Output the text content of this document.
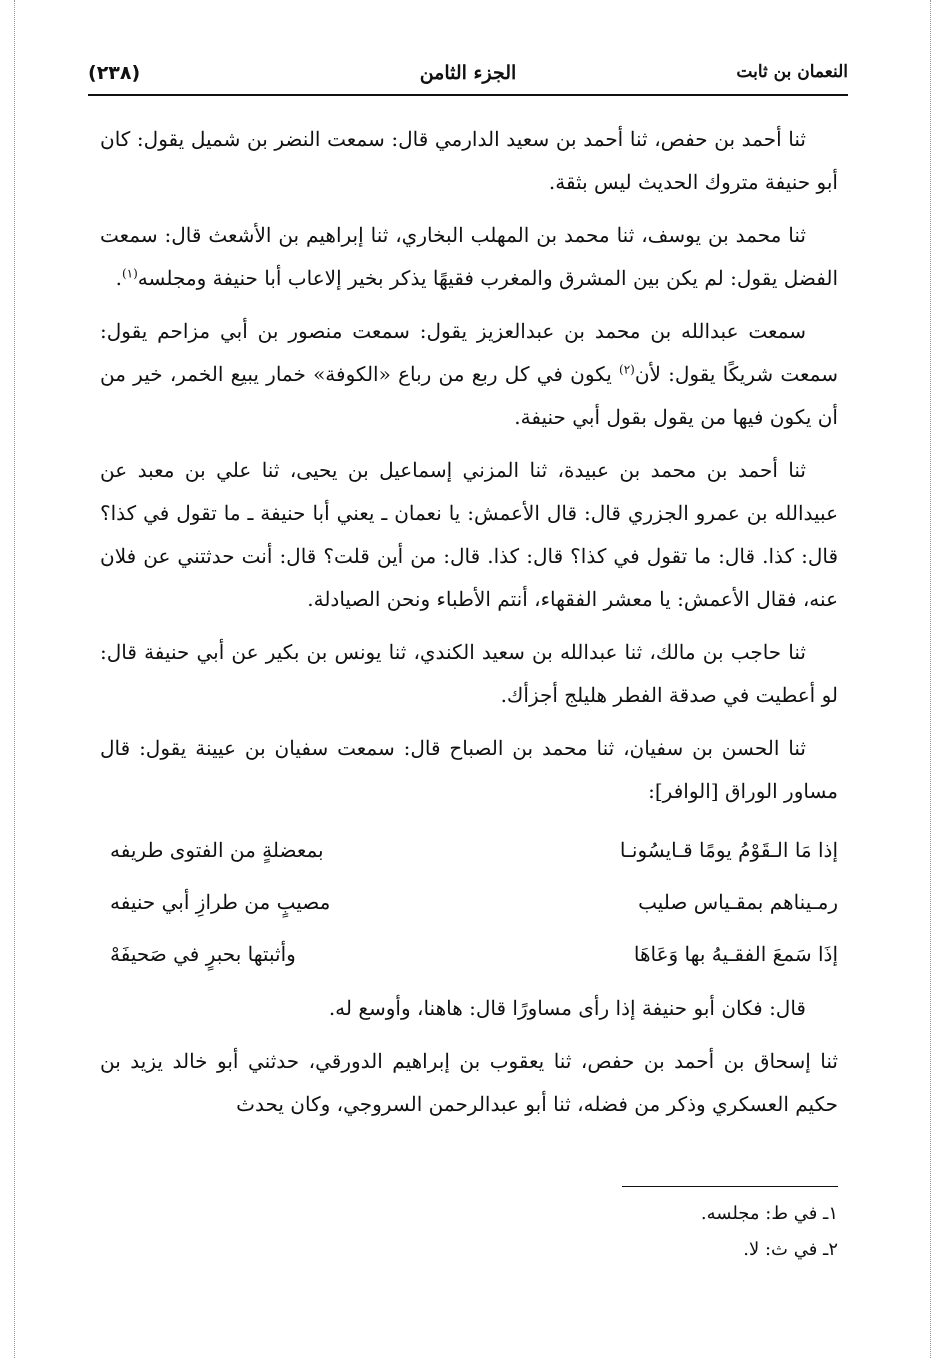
النعمان بن ثابت
الجزء الثامن
(٢٣٨)

ثنا أحمد بن حفص، ثنا أحمد بن سعيد الدارمي قال: سمعت النضر بن شميل يقول: كان أبو حنيفة متروك الحديث ليس بثقة.

ثنا محمد بن يوسف، ثنا محمد بن المهلب البخاري، ثنا إبراهيم بن الأشعث قال: سمعت الفضل يقول: لم يكن بين المشرق والمغرب فقيهًا يذكر بخير إلاعاب أبا حنيفة ومجلسه$^{(١)}$.

سمعت عبدالله بن محمد بن عبدالعزيز يقول: سمعت منصور بن أبي مزاحم يقول: سمعت شريكًا يقول: لأن$^{(٢)}$ يكون في كل ربع من رباع «الكوفة» خمار يبيع الخمر، خير من أن يكون فيها من يقول بقول أبي حنيفة.

ثنا أحمد بن محمد بن عبيدة، ثنا المزني إسماعيل بن يحيى، ثنا علي بن معبد عن عبيدالله بن عمرو الجزري قال: قال الأعمش: يا نعمان ـ يعني أبا حنيفة ـ ما تقول في كذا؟ قال: كذا. قال: ما تقول في كذا؟ قال: كذا. قال: من أين قلت؟ قال: أنت حدثتني عن فلان عنه، فقال الأعمش: يا معشر الفقهاء، أنتم الأطباء ونحن الصيادلة.

ثنا حاجب بن مالك، ثنا عبدالله بن سعيد الكندي، ثنا يونس بن بكير عن أبي حنيفة قال: لو أعطيت في صدقة الفطر هليلج أجزأك.

ثنا الحسن بن سفيان، ثنا محمد بن الصباح قال: سمعت سفيان بن عيينة يقول: قال مساور الوراق [الوافر]:

إذا مَا الـقَوْمُ يومًا قـايسُونـا
بمعضلةٍ من الفتوى طريفه
رمـيناهم بمقـياس صليب
مصيبٍ من طرازِ أبي حنيفه
إذَا سَمعَ الفقـيهُ بها وَعَاهَا
وأثبتها بحبرٍ في صَحيفَهْ

قال: فكان أبو حنيفة إذا رأى مساورًا قال: هاهنا، وأوسع له.

ثنا إسحاق بن أحمد بن حفص، ثنا يعقوب بن إبراهيم الدورقي، حدثني أبو خالد يزيد بن حكيم العسكري وذكر من فضله، ثنا أبو عبدالرحمن السروجي، وكان يحدث

١ـ في ط: مجلسه.

٢ـ في ث: لا.
